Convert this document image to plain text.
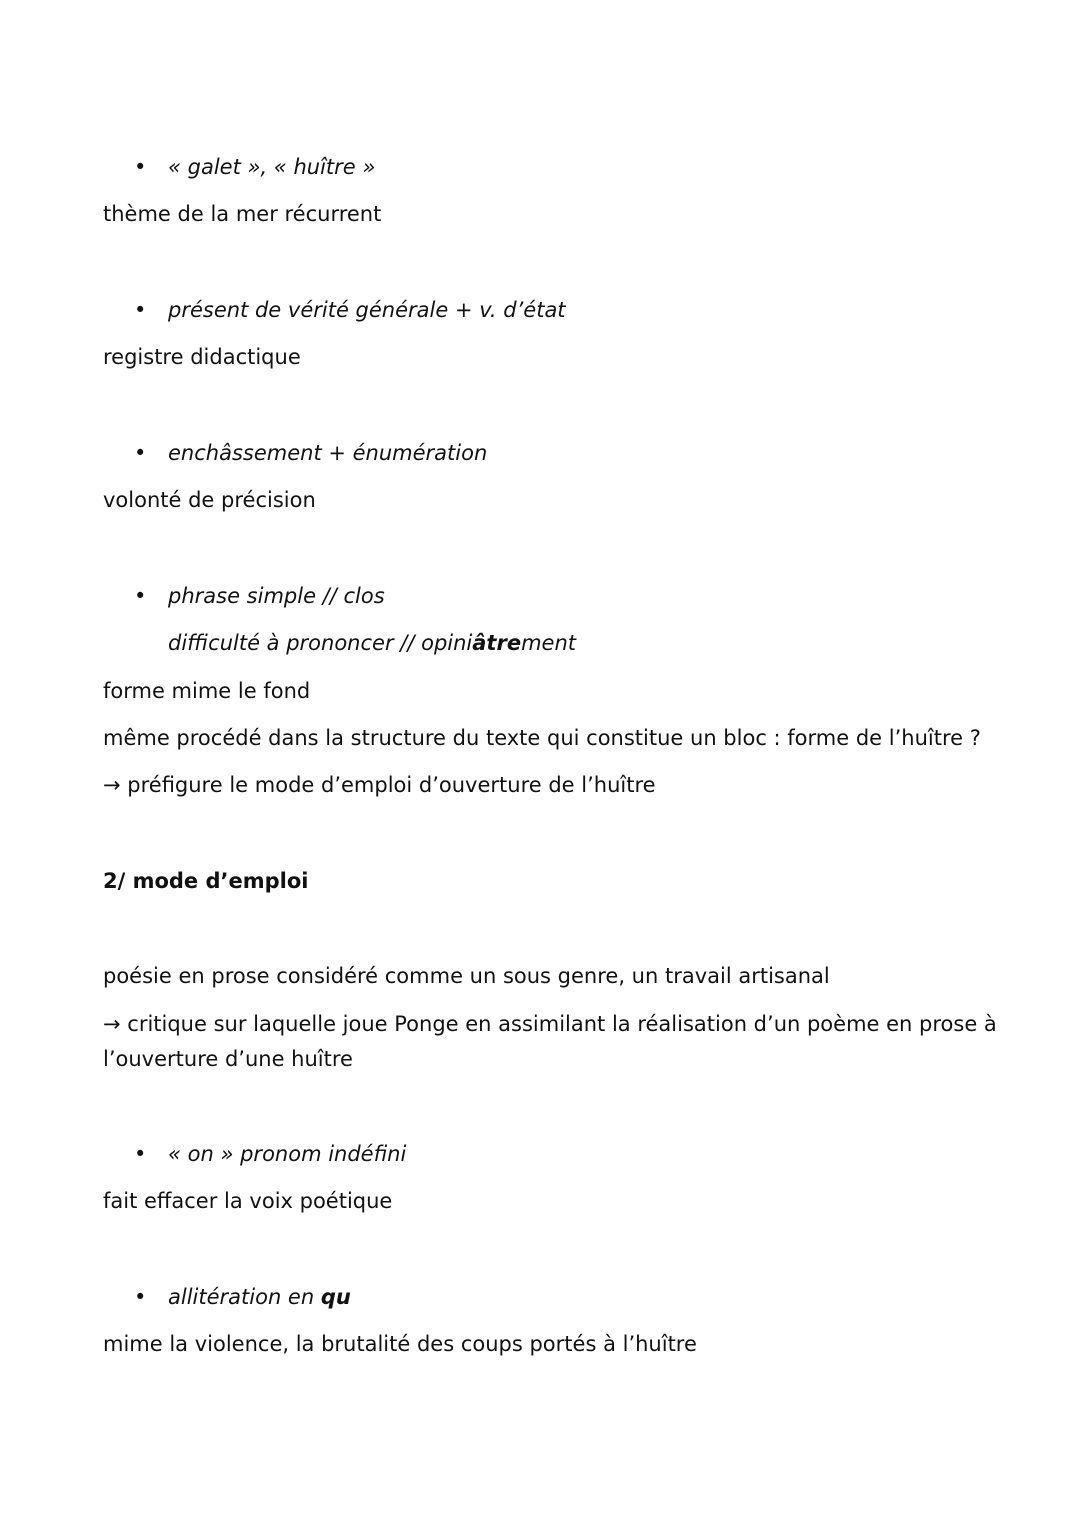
• « galet », « huître »
thème de la mer récurrent
• présent de vérité générale + v. d’état
registre didactique
• enchâssement + énumération
volonté de précision
• phrase simple // clos
difficulté à prononcer // opiniâtrement
forme mime le fond
même procédé dans la structure du texte qui constitue un bloc : forme de l’huître ?
→ préfigure le mode d’emploi d’ouverture de l’huître
2/ mode d’emploi
poésie en prose considéré comme un sous genre, un travail artisanal
→ critique sur laquelle joue Ponge en assimilant la réalisation d’un poème en prose à
l’ouverture d’une huître
• « on » pronom indéfini
fait effacer la voix poétique
• allitération en qu
mime la violence, la brutalité des coups portés à l’huître
